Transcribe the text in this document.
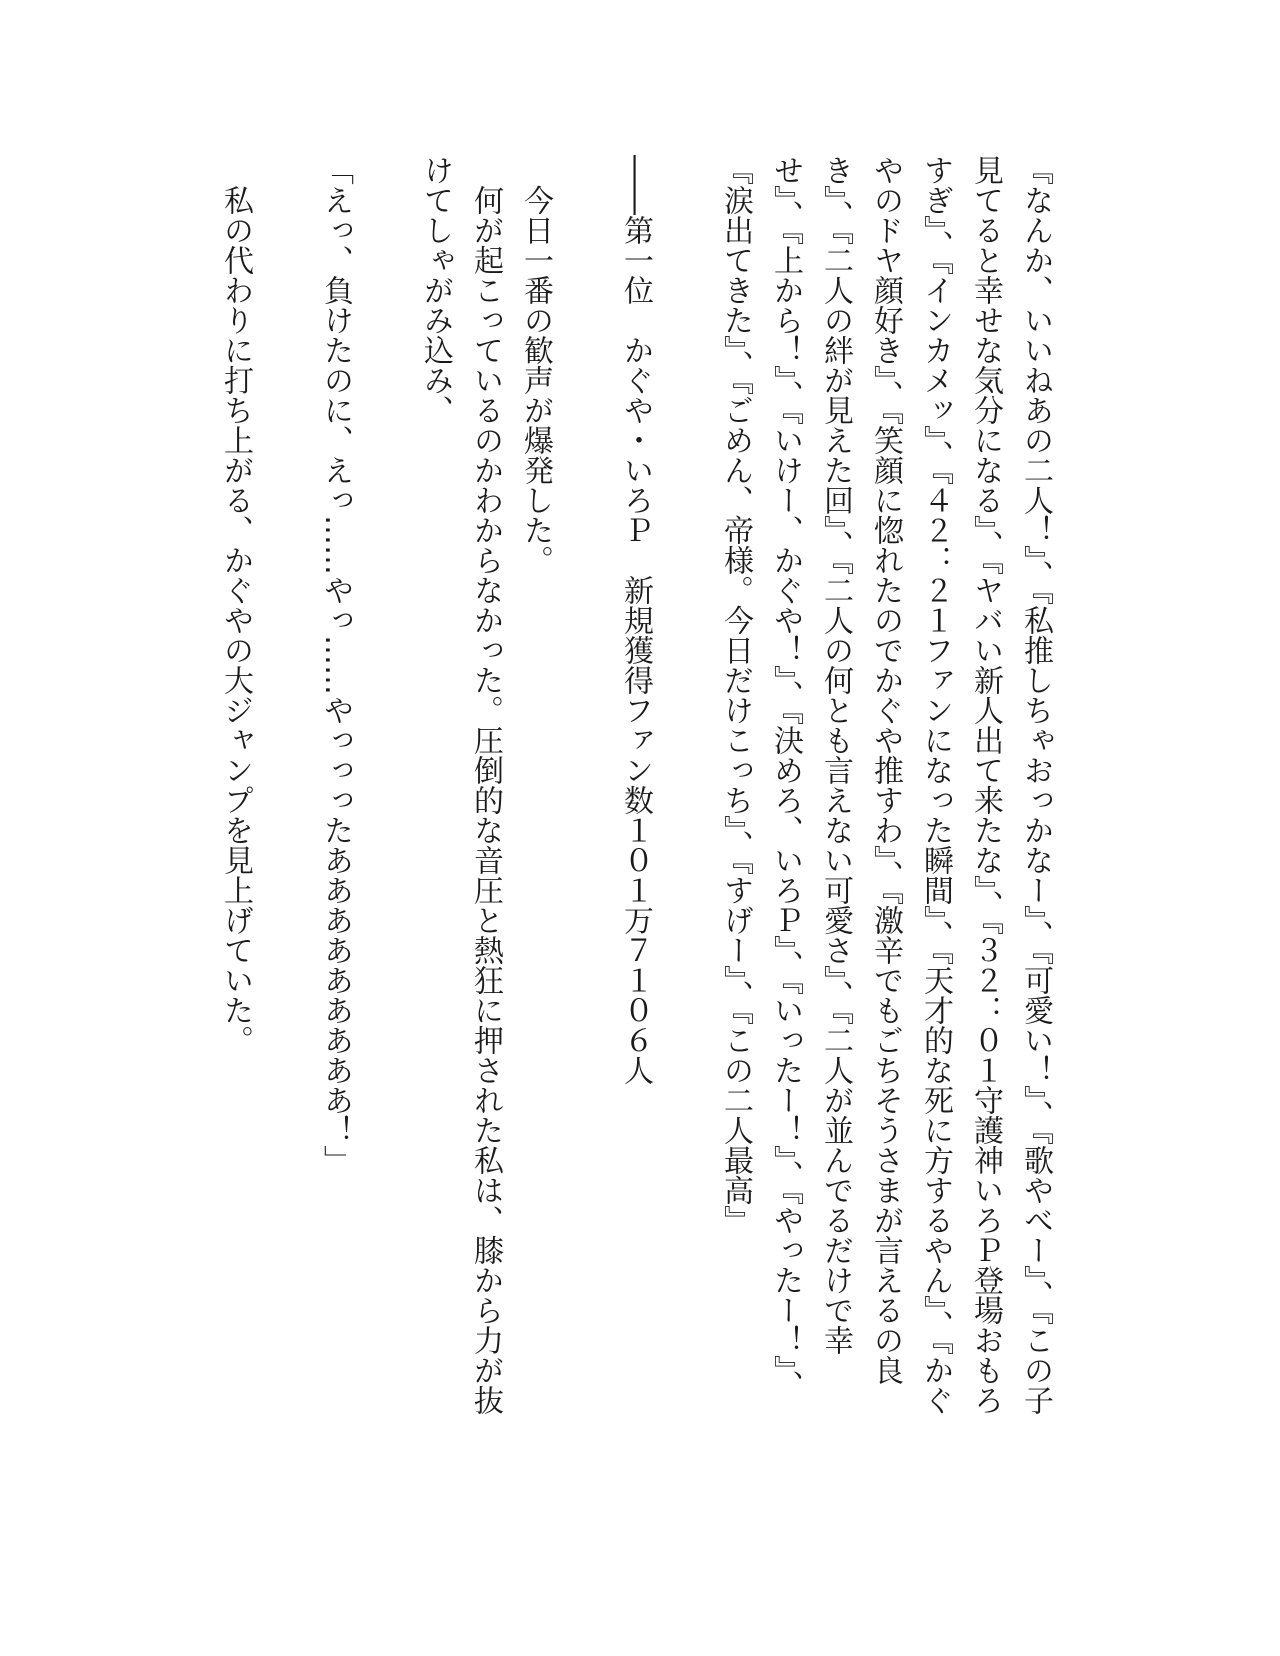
『なんか、いいねあの二人！』、『私推しちゃおっかなー』、『可愛い！』、『歌やべー』、『この子見てると幸せな気分になる』、『ヤバい新人出て来たな』、『３２：０１守護神いろＰ登場おもろすぎ』、『インカメッ』、『４２：２１ファンになった瞬間』、『天才的な死に方するやん』、『かぐやのドヤ顔好き』、『笑顔に惚れたのでかぐや推すわ』、『激辛でもごちそうさまが言えるの良き』、『二人の絆が見えた回』、『二人の何とも言えない可愛さ』、『二人が並んでるだけで幸せ』、『上から！』、『いけー、かぐや！』、『決めろ、いろＰ』、『いったー！』、『やったー！』、『涙出てきた』、『ごめん、帝様。今日だけこっち』、『すげー』、『この二人最高』

――第一位　かぐや・いろＰ　新規獲得ファン数１０１万７１０６人

今日一番の歓声が爆発した。

何が起こっているのかわからなかった。圧倒的な音圧と熱狂に押された私は、膝から力が抜けてしゃがみ込み、

「えっ、負けたのに、えっ……やっ……やっっったあああああああああ！」

私の代わりに打ち上がる、かぐやの大ジャンプを見上げていた。
